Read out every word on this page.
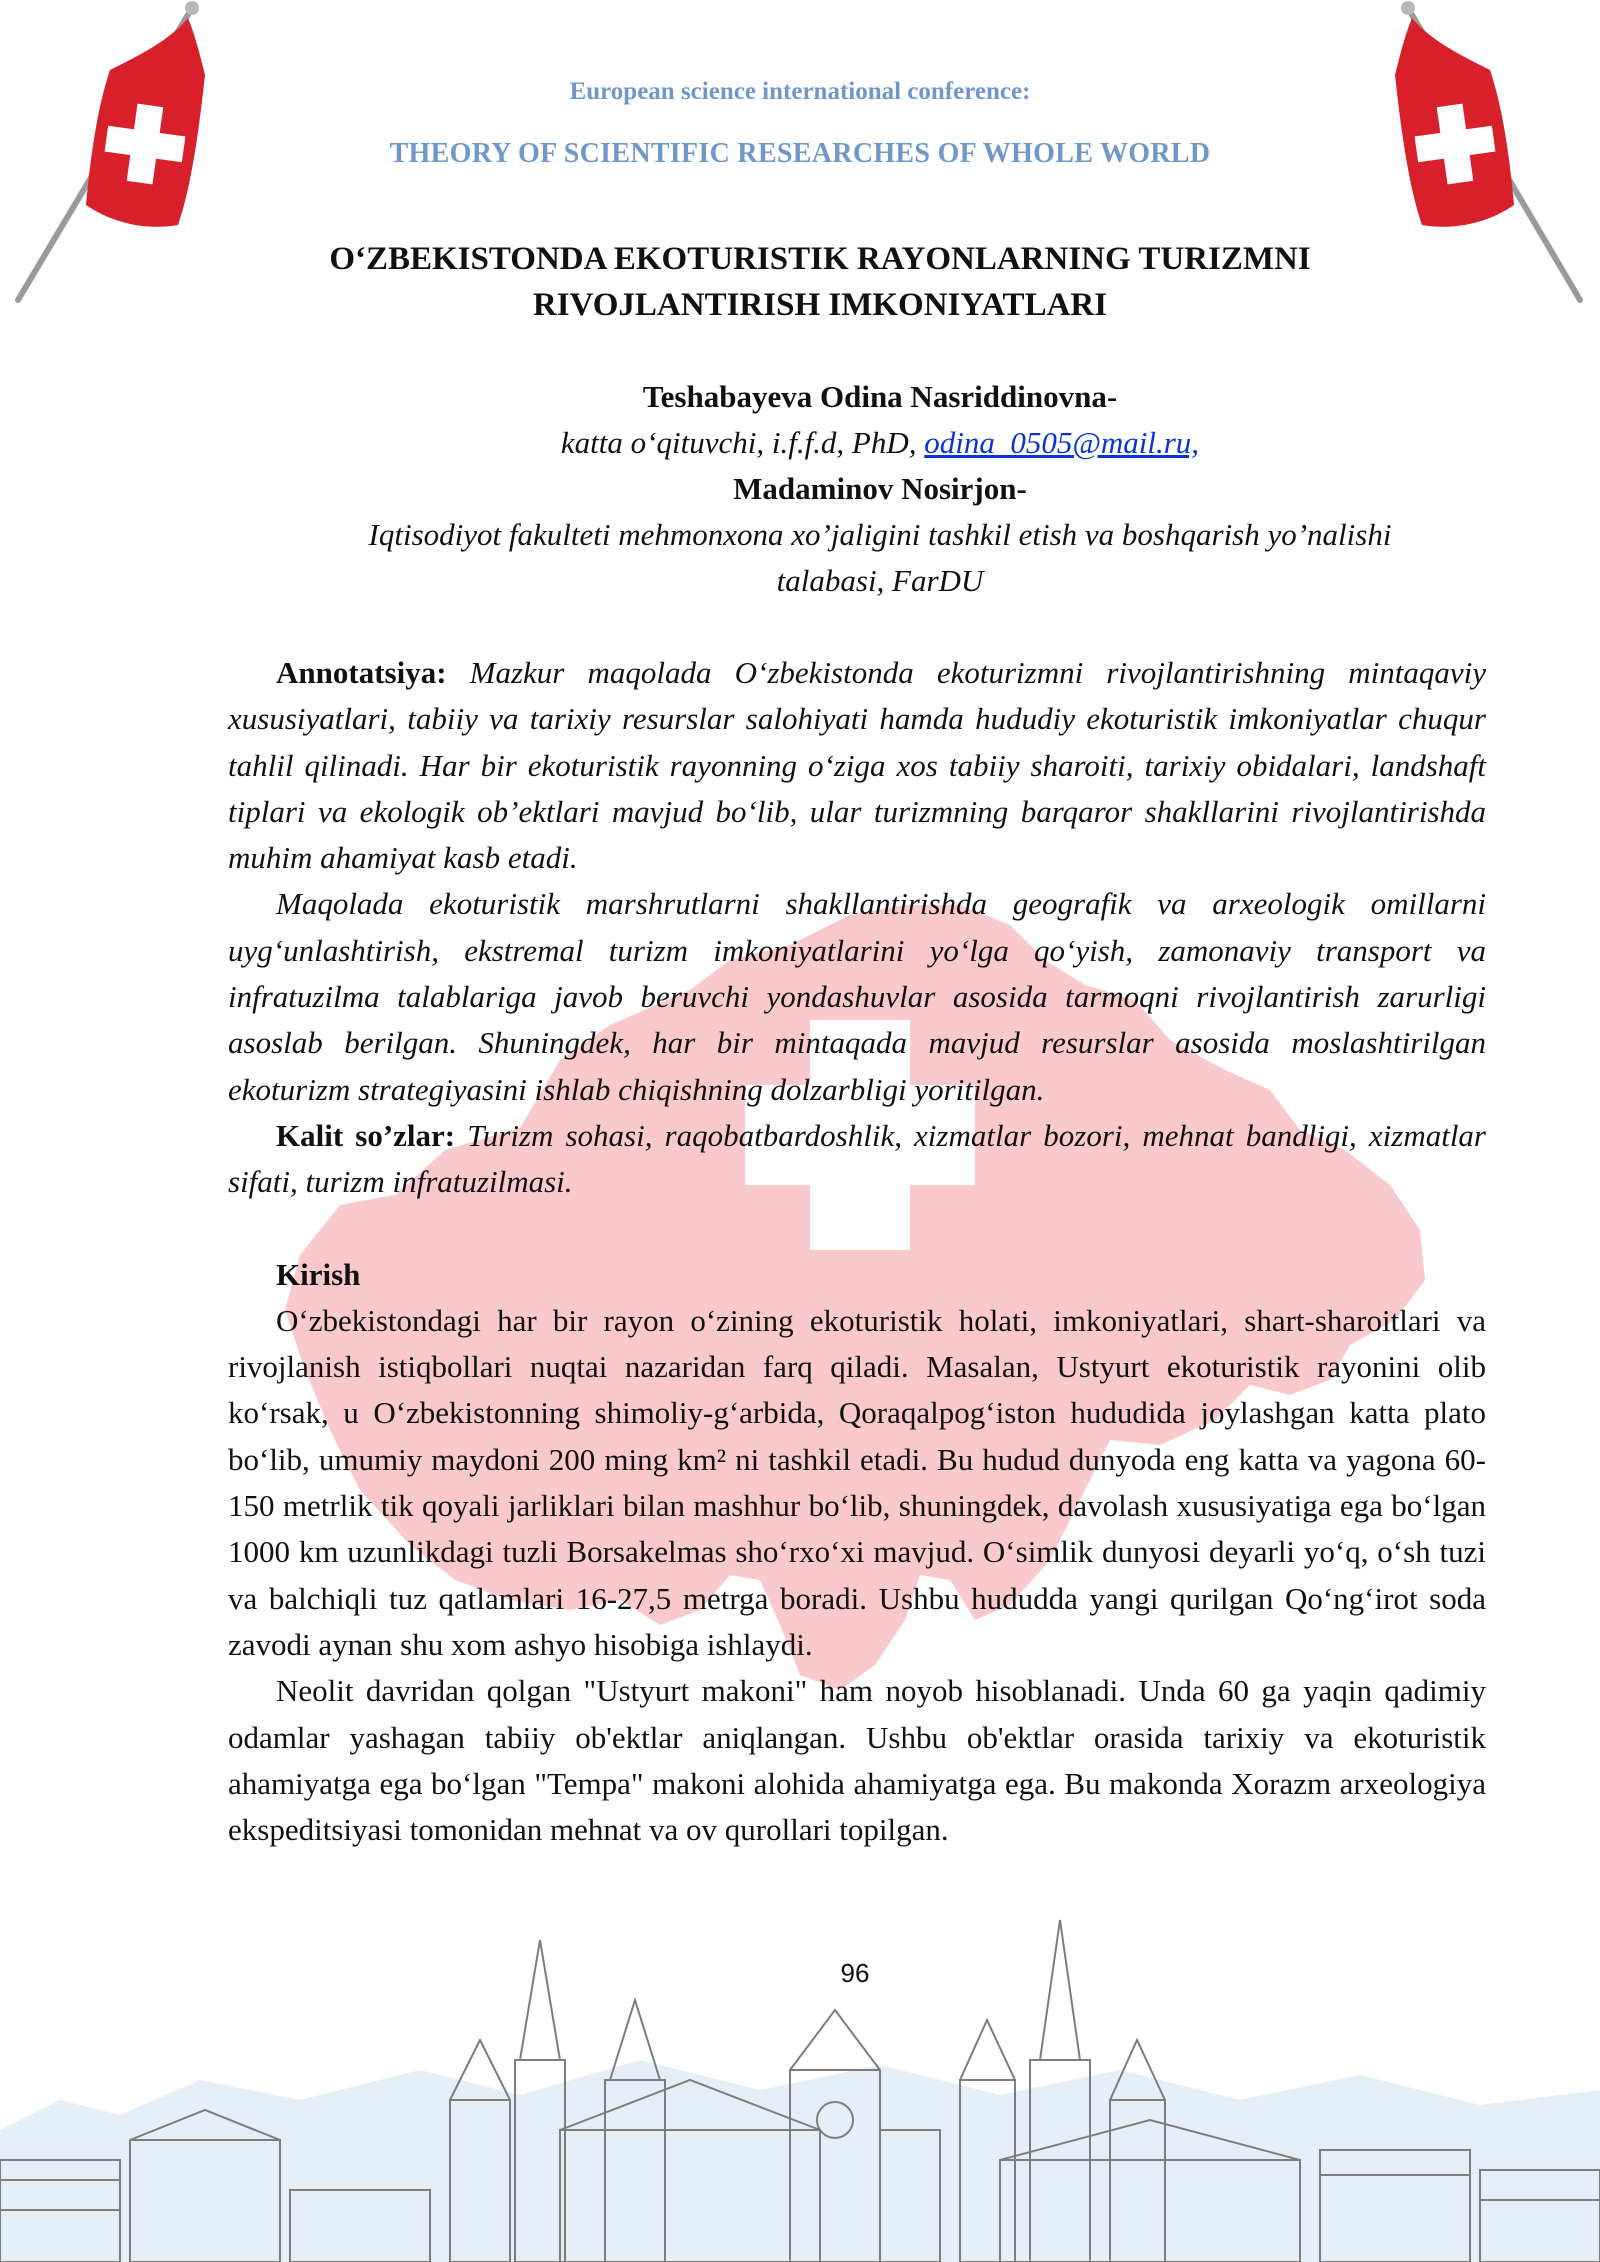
European science international conference:
THEORY OF SCIENTIFIC RESEARCHES OF WHOLE WORLD
O‘ZBEKISTONDA EKOTURISTIK RAYONLARNING TURIZMNI
RIVOJLANTIRISH IMKONIYATLARI
Teshabayeva Odina Nasriddinovna-
katta o‘qituvchi, i.f.f.d, PhD, odina_0505@mail.ru,
Madaminov Nosirjon-
Iqtisodiyot fakulteti mehmonxona xo’jaligini tashkil etish va boshqarish yo’nalishi
talabasi, FarDU

Annotatsiya: Mazkur maqolada O‘zbekistonda ekoturizmni rivojlantirishning mintaqaviy xususiyatlari, tabiiy va tarixiy resurslar salohiyati hamda hududiy ekoturistik imkoniyatlar chuqur tahlil qilinadi. Har bir ekoturistik rayonning o‘ziga xos tabiiy sharoiti, tarixiy obidalari, landshaft tiplari va ekologik ob’ektlari mavjud bo‘lib, ular turizmning barqaror shakllarini rivojlantirishda muhim ahamiyat kasb etadi.

Maqolada ekoturistik marshrutlarni shakllantirishda geografik va arxeologik omillarni uyg‘unlashtirish, ekstremal turizm imkoniyatlarini yo‘lga qo‘yish, zamonaviy transport va infratuzilma talablariga javob beruvchi yondashuvlar asosida tarmoqni rivojlantirish zarurligi asoslab berilgan. Shuningdek, har bir mintaqada mavjud resurslar asosida moslashtirilgan ekoturizm strategiyasini ishlab chiqishning dolzarbligi yoritilgan.

Kalit so’zlar: Turizm sohasi, raqobatbardoshlik, xizmatlar bozori, mehnat bandligi, xizmatlar sifati, turizm infratuzilmasi.

Kirish

O‘zbekistondagi har bir rayon o‘zining ekoturistik holati, imkoniyatlari, shart-sharoitlari va rivojlanish istiqbollari nuqtai nazaridan farq qiladi. Masalan, Ustyurt ekoturistik rayonini olib ko‘rsak, u O‘zbekistonning shimoliy-g‘arbida, Qoraqalpog‘iston hududida joylashgan katta plato bo‘lib, umumiy maydoni 200 ming km² ni tashkil etadi. Bu hudud dunyoda eng katta va yagona 60-150 metrlik tik qoyali jarliklari bilan mashhur bo‘lib, shuningdek, davolash xususiyatiga ega bo‘lgan 1000 km uzunlikdagi tuzli Borsakelmas sho‘rxo‘xi mavjud. O‘simlik dunyosi deyarli yo‘q, o‘sh tuzi va balchiqli tuz qatlamlari 16-27,5 metrga boradi. Ushbu hududda yangi qurilgan Qo‘ng‘irot soda zavodi aynan shu xom ashyo hisobiga ishlaydi.

Neolit davridan qolgan "Ustyurt makoni" ham noyob hisoblanadi. Unda 60 ga yaqin qadimiy odamlar yashagan tabiiy ob'ektlar aniqlangan. Ushbu ob'ektlar orasida tarixiy va ekoturistik ahamiyatga ega bo‘lgan "Tempa" makoni alohida ahamiyatga ega. Bu makonda Xorazm arxeologiya ekspeditsiyasi tomonidan mehnat va ov qurollari topilgan.

96
